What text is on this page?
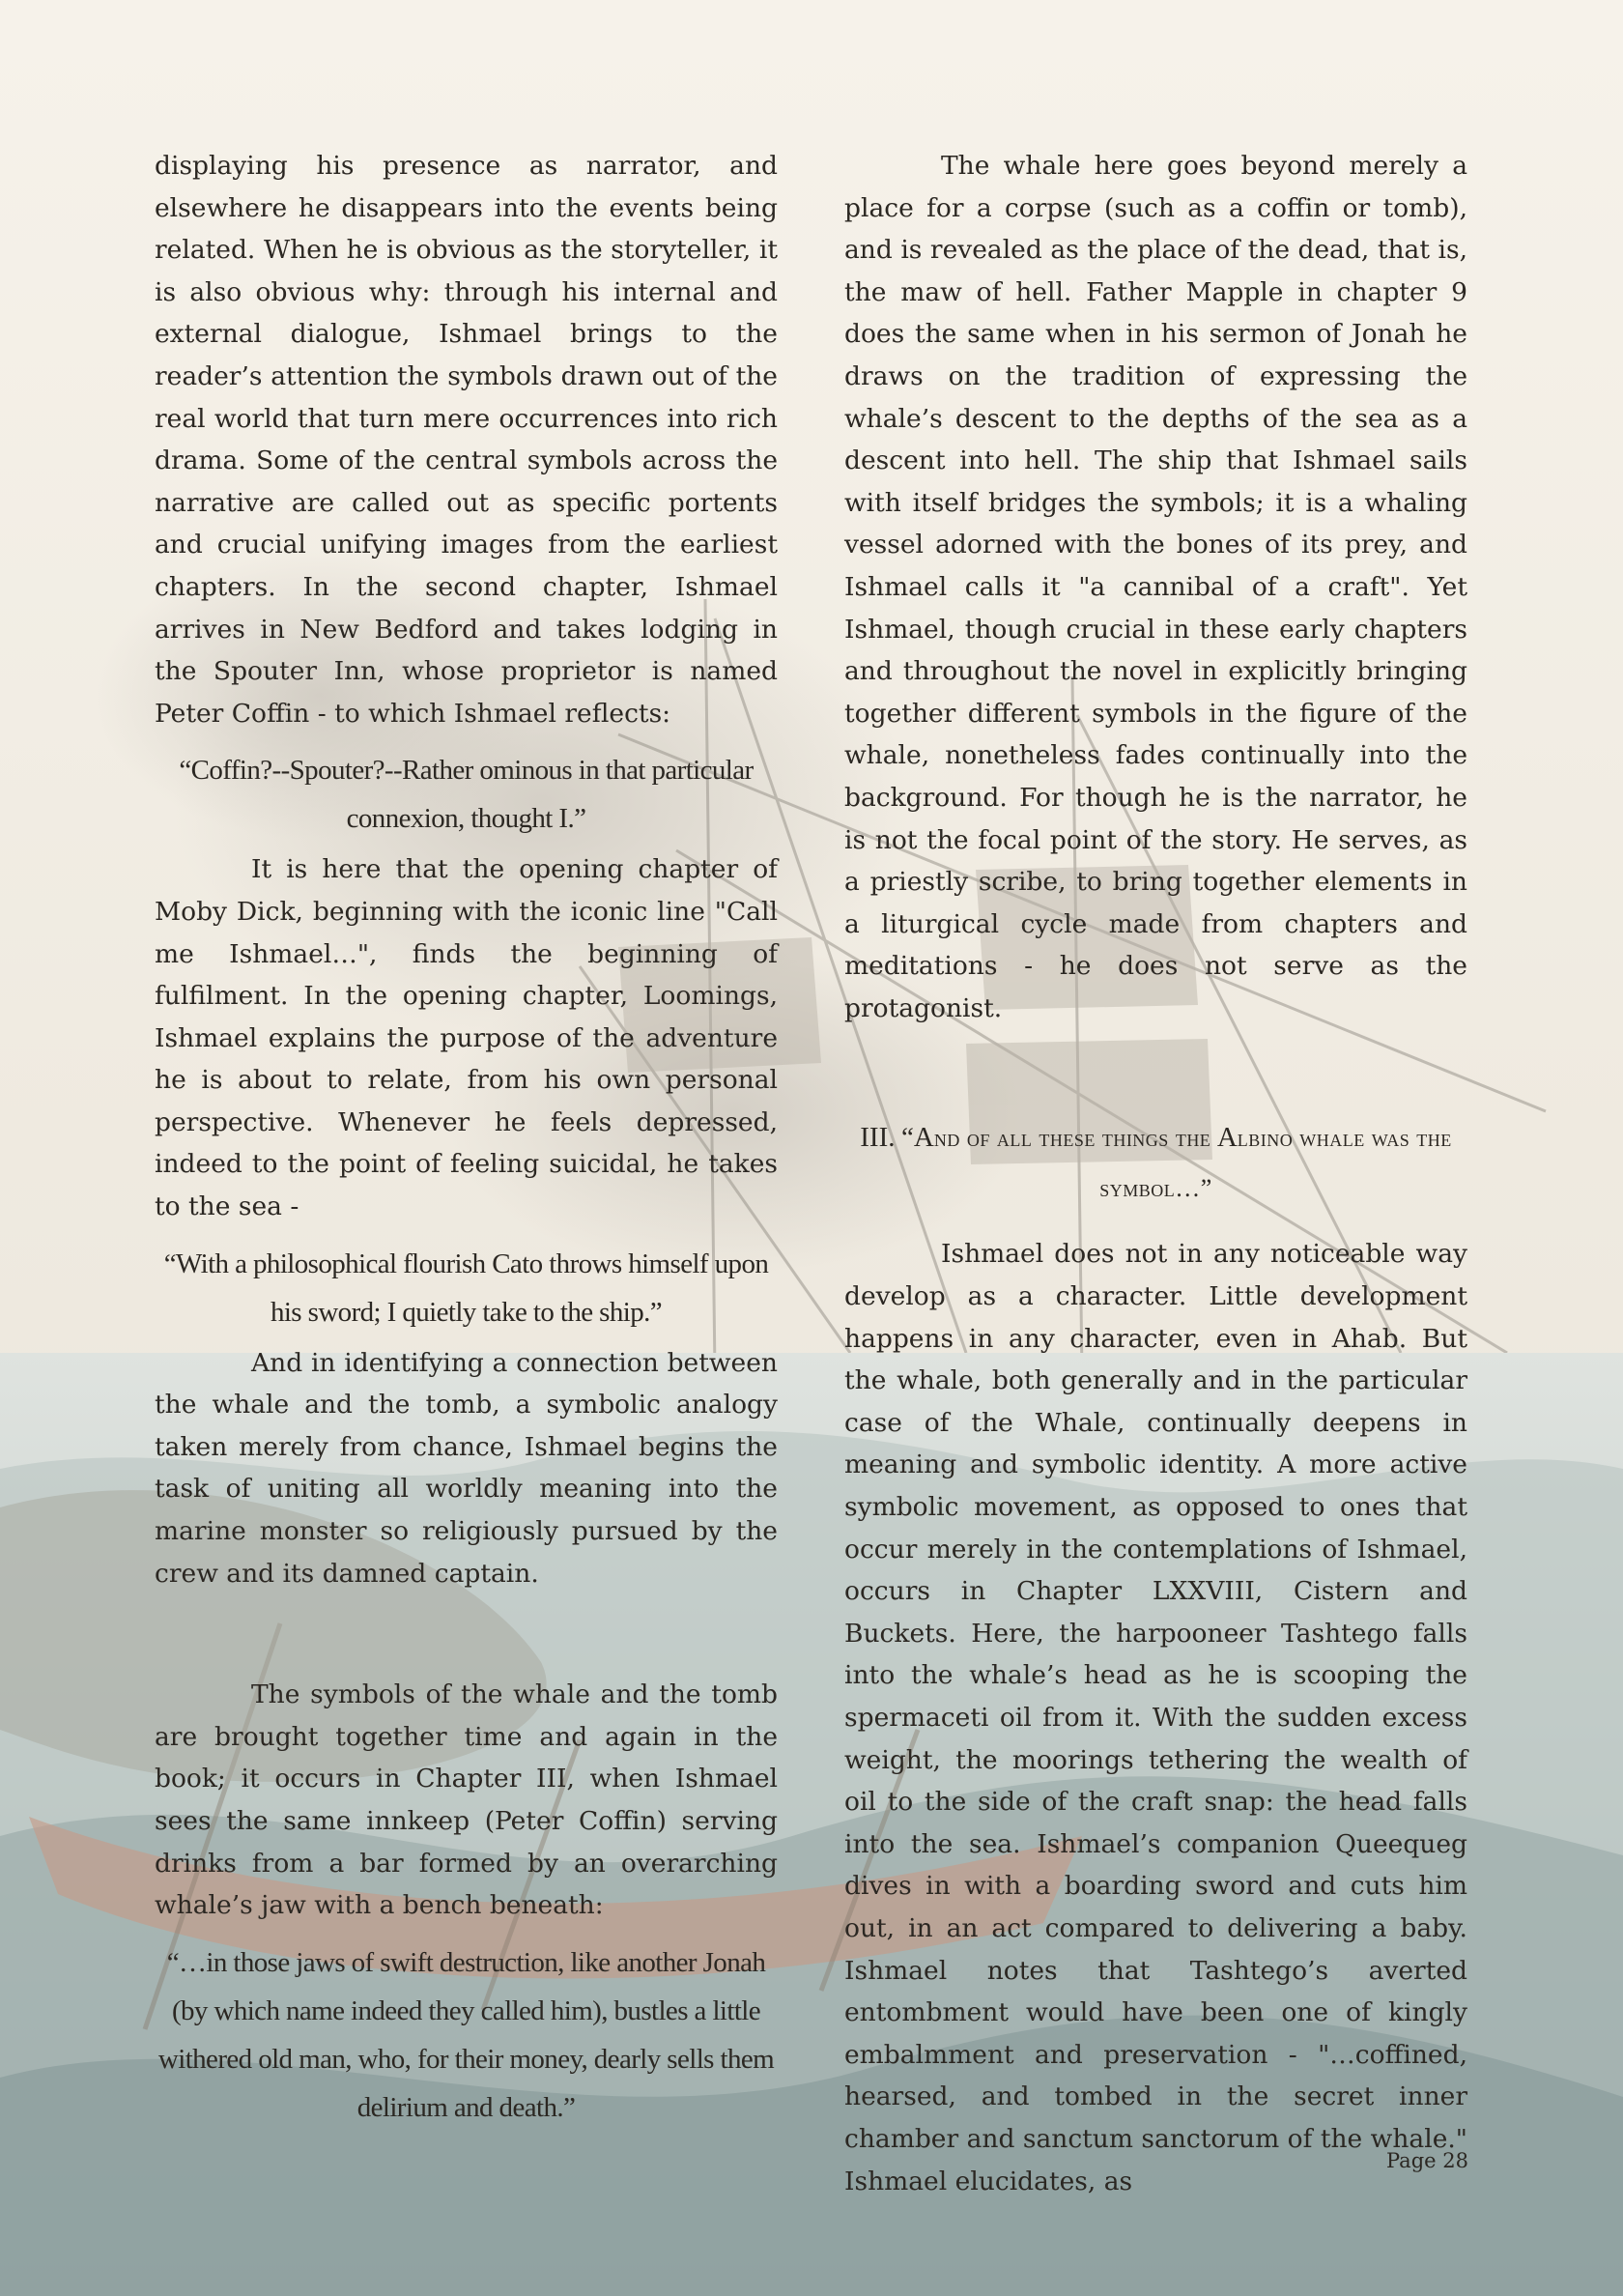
displaying his presence as narrator, and elsewhere he disappears into the events being related. When he is obvious as the storyteller, it is also obvious why: through his internal and external dialogue, Ishmael brings to the reader’s attention the symbols drawn out of the real world that turn mere occurrences into rich drama. Some of the central symbols across the narrative are called out as specific portents and crucial unifying images from the earliest chapters. In the second chapter, Ishmael arrives in New Bedford and takes lodging in the Spouter Inn, whose proprietor is named Peter Coffin - to which Ishmael reflects:

“Coffin?--Spouter?--Rather ominous in that particular connexion, thought I.”

It is here that the opening chapter of Moby Dick, beginning with the iconic line "Call me Ishmael…", finds the beginning of fulfilment. In the opening chapter, Loomings, Ishmael explains the purpose of the adventure he is about to relate, from his own personal perspective. Whenever he feels depressed, indeed to the point of feeling suicidal, he takes to the sea -

“With a philosophical flourish Cato throws himself upon his sword; I quietly take to the ship.”

And in identifying a connection between the whale and the tomb, a symbolic analogy taken merely from chance, Ishmael begins the task of uniting all worldly meaning into the marine monster so religiously pursued by the crew and its damned captain.

The symbols of the whale and the tomb are brought together time and again in the book; it occurs in Chapter III, when Ishmael sees the same innkeep (Peter Coffin) serving drinks from a bar formed by an overarching whale’s jaw with a bench beneath:

“…in those jaws of swift destruction, like another Jonah (by which name indeed they called him), bustles a little withered old man, who, for their money, dearly sells them delirium and death.”

The whale here goes beyond merely a place for a corpse (such as a coffin or tomb), and is revealed as the place of the dead, that is, the maw of hell. Father Mapple in chapter 9 does the same when in his sermon of Jonah he draws on the tradition of expressing the whale’s descent to the depths of the sea as a descent into hell. The ship that Ishmael sails with itself bridges the symbols; it is a whaling vessel adorned with the bones of its prey, and Ishmael calls it "a cannibal of a craft". Yet Ishmael, though crucial in these early chapters and throughout the novel in explicitly bringing together different symbols in the figure of the whale, nonetheless fades continually into the background. For though he is the narrator, he is not the focal point of the story. He serves, as a priestly scribe, to bring together elements in a liturgical cycle made from chapters and meditations - he does not serve as the protagonist.

III. “And of all these things the Albino whale was the symbol…”

Ishmael does not in any noticeable way develop as a character. Little development happens in any character, even in Ahab. But the whale, both generally and in the particular case of the Whale, continually deepens in meaning and symbolic identity. A more active symbolic movement, as opposed to ones that occur merely in the contemplations of Ishmael, occurs in Chapter LXXVIII, Cistern and Buckets. Here, the harpooneer Tashtego falls into the whale’s head as he is scooping the spermaceti oil from it. With the sudden excess weight, the moorings tethering the wealth of oil to the side of the craft snap: the head falls into the sea. Ishmael’s companion Queequeg dives in with a boarding sword and cuts him out, in an act compared to delivering a baby. Ishmael notes that Tashtego’s averted entombment would have been one of kingly embalmment and preservation - "…coffined, hearsed, and tombed in the secret inner chamber and sanctum sanctorum of the whale." Ishmael elucidates, as

Page 28
